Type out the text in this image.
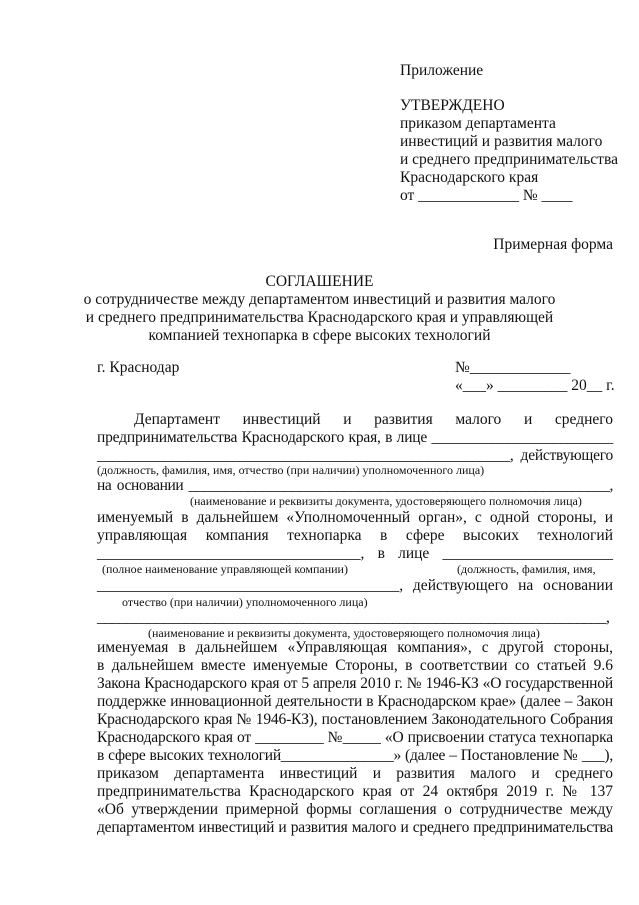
Приложение
УТВЕРЖДЕНО
приказом департамента
инвестиций и развития малого
и среднего предпринимательства
Краснодарского края
от _____________ № ____
Примерная форма
СОГЛАШЕНИЕ
о сотрудничестве между департаментом инвестиций и развития малого
и среднего предпринимательства Краснодарского края и управляющей
компанией технопарка в сфере высоких технологий
г. Краснодар	№_____________
«___» _________ 20__ г.
Департамент инвестиций и развития малого и среднего
предпринимательства Краснодарского края, в лице ________________________
_______________________________________________________, действующего
(должность, фамилия, имя, отчество (при наличии) уполномоченного лица)
на основании _________________________________________________________,
(наименование и реквизиты документа, удостоверяющего полномочия лица)
именуемый в дальнейшем «Уполномоченный орган», с одной стороны, и
управляющая компания технопарка в сфере высоких технологий
__________________________________, в лице ______________________
(полное наименование управляющей компании)	(должность, фамилия, имя,
_______________________________________, действующего на основании
отчество (при наличии) уполномоченного лица)
_____________________________________________________________________,
(наименование и реквизиты документа, удостоверяющего полномочия лица)
именуемая в дальнейшем «Управляющая компания», с другой стороны,
в дальнейшем вместе именуемые Стороны, в соответствии со статьей 9.6
Закона Краснодарского края от 5 апреля 2010 г. № 1946-КЗ «О государственной
поддержке инновационной деятельности в Краснодарском крае» (далее – Закон
Краснодарского края № 1946-КЗ), постановлением Законодательного Собрания
Краснодарского края от _________ №_____ «О присвоении статуса технопарка
в сфере высоких технологий_______________» (далее – Постановление № ___),
приказом департамента инвестиций и развития малого и среднего
предпринимательства Краснодарского края от 24 октября 2019 г. № 137
«Об утверждении примерной формы соглашения о сотрудничестве между
департаментом инвестиций и развития малого и среднего предпринимательства
